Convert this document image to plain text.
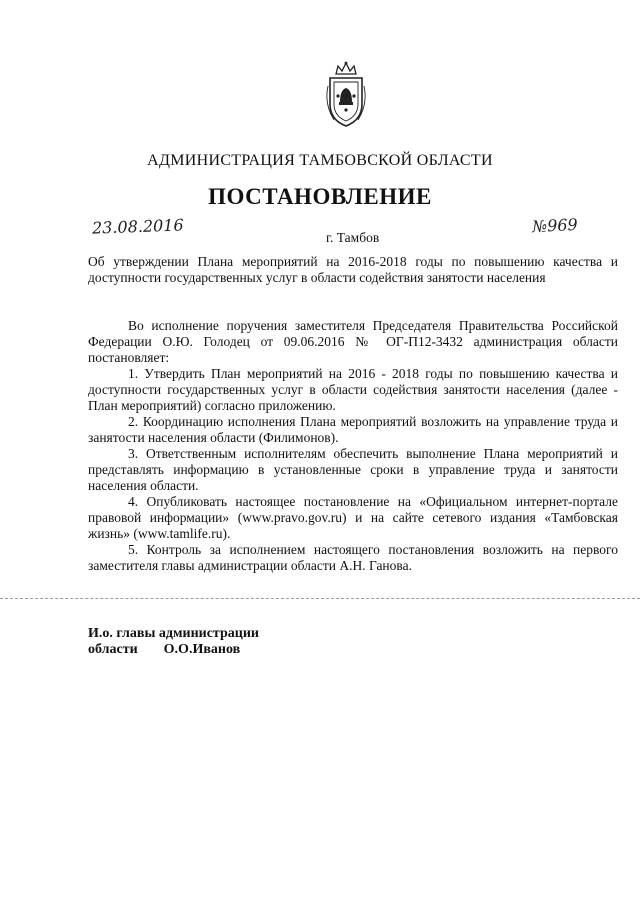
АДМИНИСТРАЦИЯ ТАМБОВСКОЙ ОБЛАСТИ
ПОСТАНОВЛЕНИЕ
23.08.2016	г. Тамбов
№969
Об утверждении Плана мероприятий на 2016-2018 годы по повышению качества и доступности государственных услуг в области содействия занятости населения

Во исполнение поручения заместителя Председателя Правительства Российской Федерации О.Ю. Голодец от 09.06.2016 № ОГ-П12-3432 администрация области постановляет:

1. Утвердить План мероприятий на 2016 - 2018 годы по повышению качества и доступности государственных услуг в области содействия занятости населения (далее - План мероприятий) согласно приложению.

2. Координацию исполнения Плана мероприятий возложить на управление труда и занятости населения области (Филимонов).

3. Ответственным исполнителям обеспечить выполнение Плана мероприятий и представлять информацию в установленные сроки в управление труда и занятости населения области.

4. Опубликовать настоящее постановление на «Официальном интернет-портале правовой информации» (www.pravo.gov.ru) и на сайте сетевого издания «Тамбовская жизнь» (www.tamlife.ru).

5. Контроль за исполнением настоящего постановления возложить на первого заместителя главы администрации области А.Н. Ганова.

И.о. главы администрации
области О.О.Иванов
